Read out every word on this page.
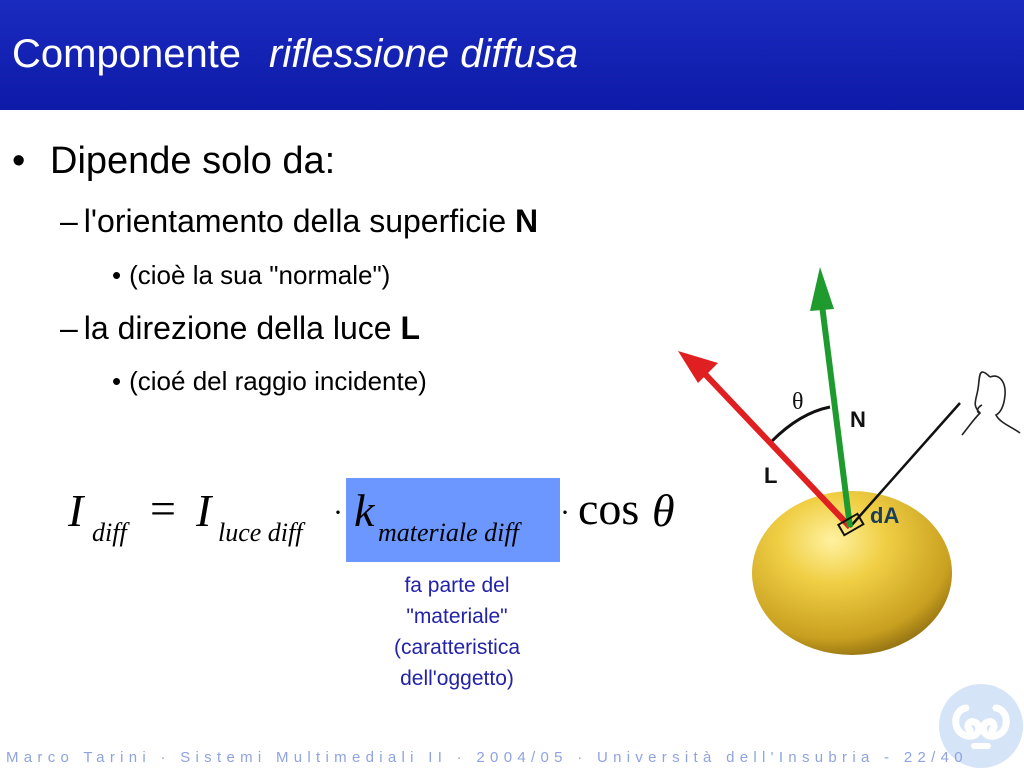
Componente riflessione diffusa
• Dipende solo da:
– l'orientamento della superficie N
• (cioè la sua "normale")
– la direzione della luce L
• (cioé del raggio incidente)
I diff = I luce diff
· k materiale diff
· cos θ
fa parte del
"materiale"
(caratteristica
dell'oggetto)
θ
N
L
dA
Marco Tarini · Sistemi Multimediali II · 2004/05 · Università dell'Insubria - 22/40
